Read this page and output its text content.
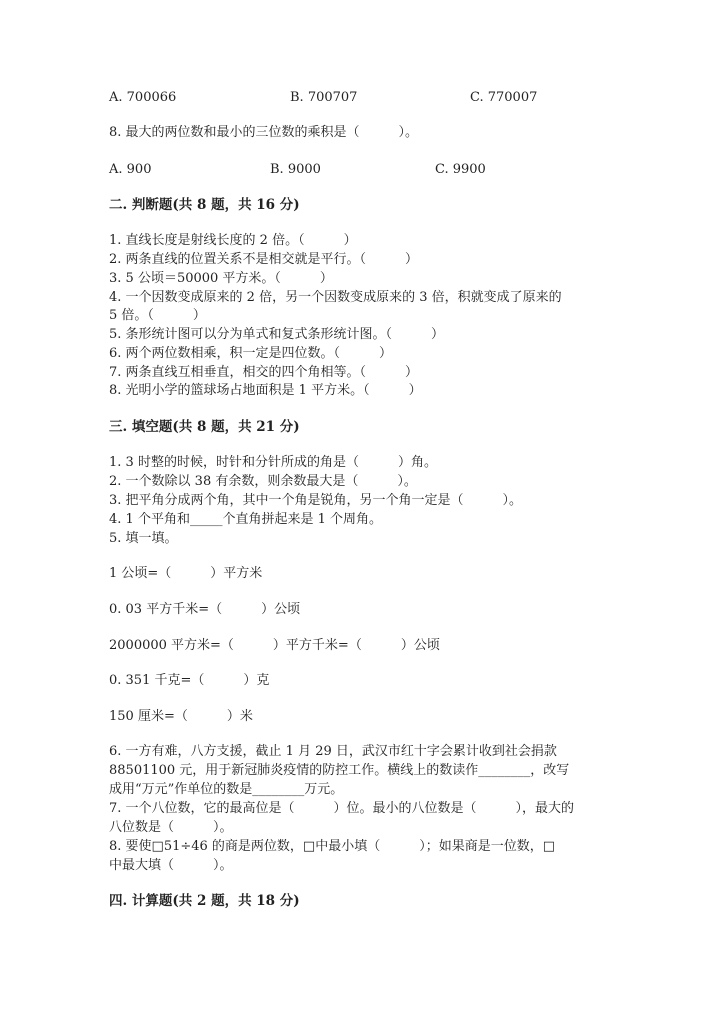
A. 700066	B. 700707	C. 770007
8. 最大的两位数和最小的三位数的乘积是（　　　）。
A. 900	B. 9000	C. 9900
二. 判断题(共 8 题，共 16 分)
1. 直线长度是射线长度的 2 倍。（　　　）
2. 两条直线的位置关系不是相交就是平行。（　　　）
3. 5 公顷＝50000 平方米。（　　　）
4. 一个因数变成原来的 2 倍，另一个因数变成原来的 3 倍，积就变成了原来的
5 倍。（　　　）
5. 条形统计图可以分为单式和复式条形统计图。（　　　）
6. 两个两位数相乘，积一定是四位数。（　　　）
7. 两条直线互相垂直，相交的四个角相等。（　　　）
8. 光明小学的篮球场占地面积是 1 平方米。（　　　）
三. 填空题(共 8 题，共 21 分)
1. 3 时整的时候，时针和分针所成的角是（　　　）角。
2. 一个数除以 38 有余数，则余数最大是（　　　）。
3. 把平角分成两个角，其中一个角是锐角，另一个角一定是（　　　）。
4. 1 个平角和_____个直角拼起来是 1 个周角。
5. 填一填。
1 公顷=（　　　）平方米
0. 03 平方千米=（　　　）公顷
2000000 平方米=（　　　）平方千米=（　　　）公顷
0. 351 千克=（　　　）克
150 厘米=（　　　）米
6. 一方有难，八方支援，截止 1 月 29 日，武汉市红十字会累计收到社会捐款
88501100 元，用于新冠肺炎疫情的防控工作。横线上的数读作________，改写
成用“万元”作单位的数是________万元。
7. 一个八位数，它的最高位是（　　　）位。最小的八位数是（　　　），最大的
八位数是（　　　）。
8. 要使□51÷46 的商是两位数，□中最小填（　　　）；如果商是一位数，□
中最大填（　　　）。
四. 计算题(共 2 题，共 18 分)
